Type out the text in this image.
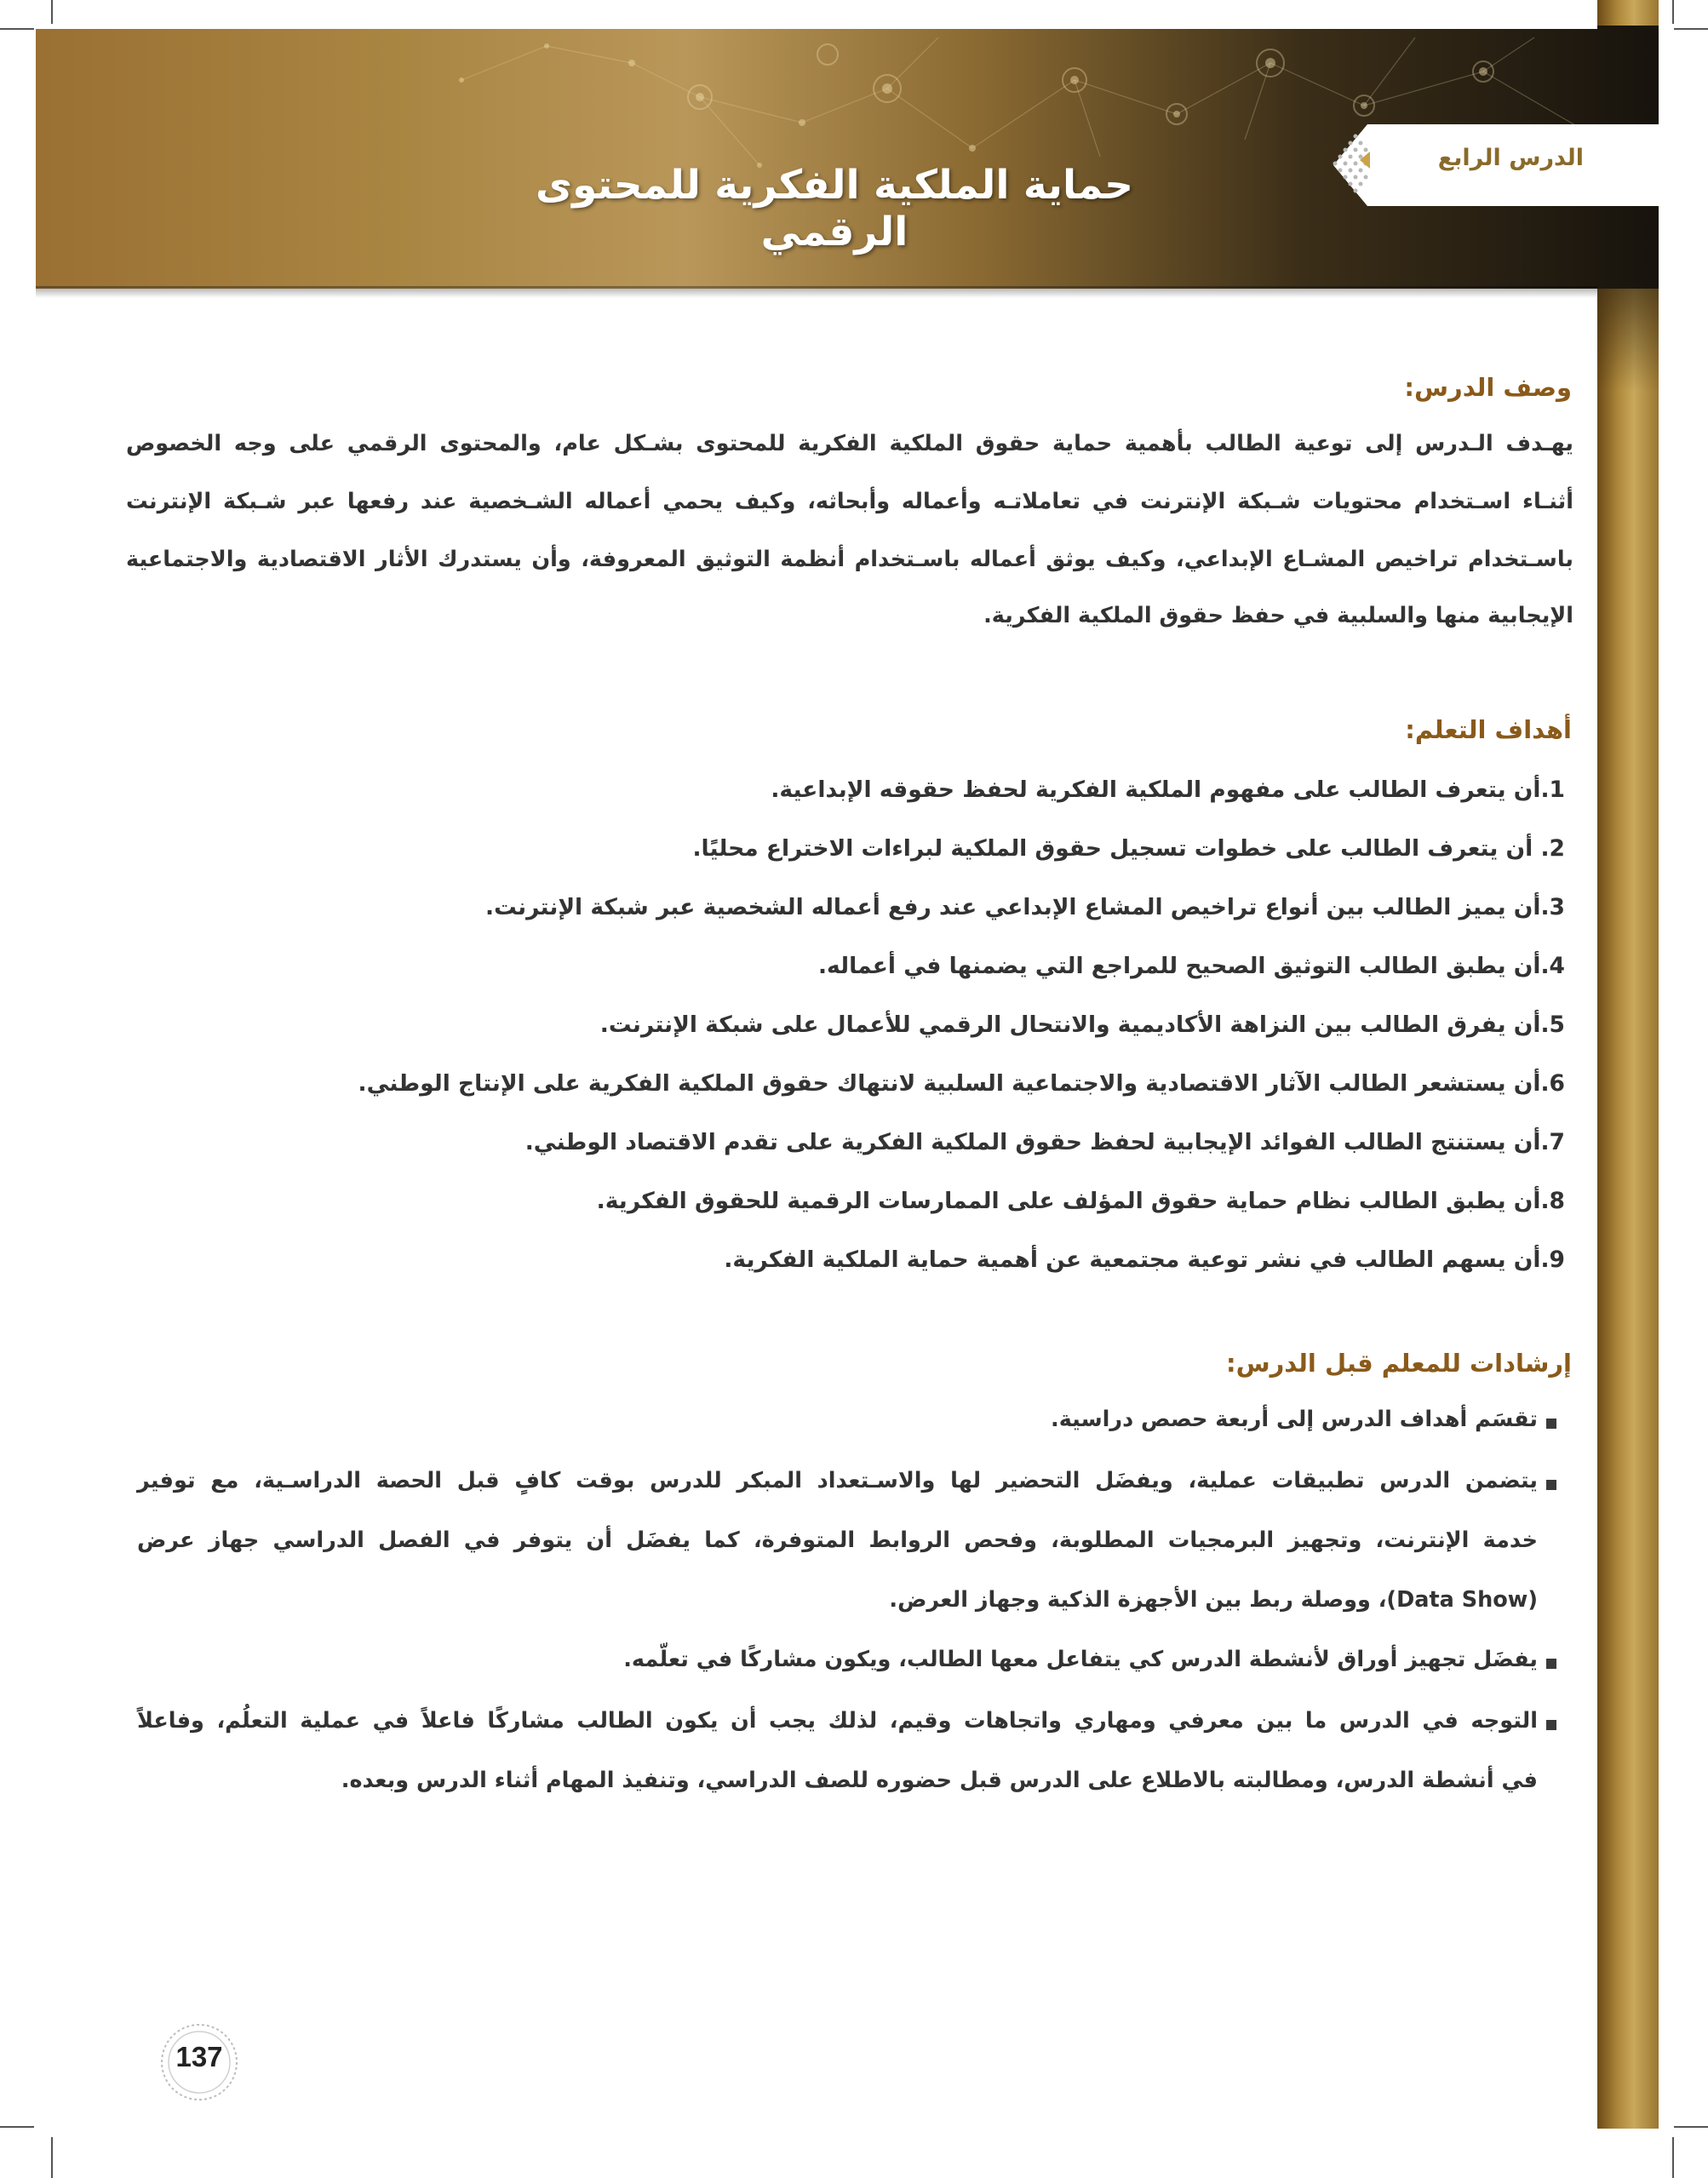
حماية الملكية الفكرية للمحتوى الرقمي
الدرس الرابع
وصف الدرس:
يهـدف الـدرس إلى توعية الطالب بأهمية حماية حقوق الملكية الفكرية للمحتوى بشـكل عام، والمحتوى الرقمي على وجه الخصوص
أثنـاء اسـتخدام محتويات شـبكة الإنترنت في تعاملاتـه وأعماله وأبحاثه، وكيف يحمي أعماله الشـخصية عند رفعها عبر شـبكة الإنترنت
باسـتخدام تراخيص المشـاع الإبداعي، وكيف يوثق أعماله باسـتخدام أنظمة التوثيق المعروفة، وأن يستدرك الأثار الاقتصادية والاجتماعية
الإيجابية منها والسلبية في حفظ حقوق الملكية الفكرية.
أهداف التعلم:
1.أن يتعرف الطالب على مفهوم الملكية الفكرية لحفظ حقوقه الإبداعية.
2. أن يتعرف الطالب على خطوات تسجيل حقوق الملكية لبراءات الاختراع محليًا.
3.أن يميز الطالب بين أنواع تراخيص المشاع الإبداعي عند رفع أعماله الشخصية عبر شبكة الإنترنت.
4.أن يطبق الطالب التوثيق الصحيح للمراجع التي يضمنها في أعماله.
5.أن يفرق الطالب بين النزاهة الأكاديمية والانتحال الرقمي للأعمال على شبكة الإنترنت.
6.أن يستشعر الطالب الآثار الاقتصادية والاجتماعية السلبية لانتهاك حقوق الملكية الفكرية على الإنتاج الوطني.
7.أن يستنتج الطالب الفوائد الإيجابية لحفظ حقوق الملكية الفكرية على تقدم الاقتصاد الوطني.
8.أن يطبق الطالب نظام حماية حقوق المؤلف على الممارسات الرقمية للحقوق الفكرية.
9.أن يسهم الطالب في نشر توعية مجتمعية عن أهمية حماية الملكية الفكرية.
إرشادات للمعلم قبل الدرس:
تقسَم أهداف الدرس إلى أربعة حصص دراسية.
يتضمن الدرس تطبيقات عملية، ويفضَل التحضير لها والاسـتعداد المبكر للدرس بوقت كافٍ قبل الحصة الدراسـية، مع توفير
خدمة الإنترنت، وتجهيز البرمجيات المطلوبة، وفحص الروابط المتوفرة، كما يفضَل أن يتوفر في الفصل الدراسي جهاز عرض
(Data Show)، ووصلة ربط بين الأجهزة الذكية وجهاز العرض.
يفضَل تجهيز أوراق لأنشطة الدرس كي يتفاعل معها الطالب، ويكون مشاركًا في تعلّمه.
التوجه في الدرس ما بين معرفي ومهاري واتجاهات وقيم، لذلك يجب أن يكون الطالب مشاركًا فاعلاً في عملية التعلُم، وفاعلاً
في أنشطة الدرس، ومطالبته بالاطلاع على الدرس قبل حضوره للصف الدراسي، وتنفيذ المهام أثناء الدرس وبعده.
137
